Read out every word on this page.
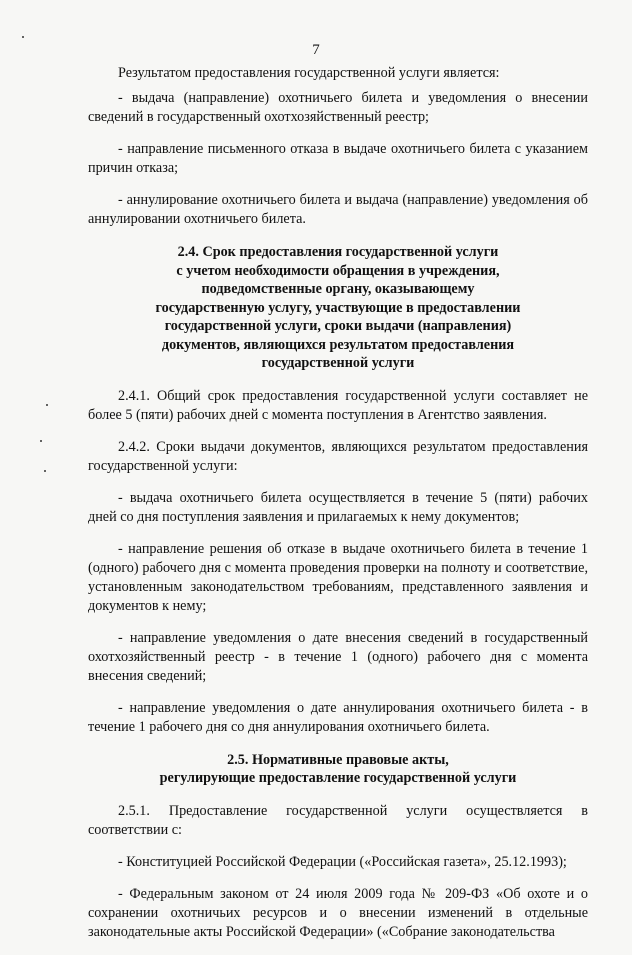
7

Результатом предоставления государственной услуги является:

- выдача (направление) охотничьего билета и уведомления о внесении сведений в государственный охотхозяйственный реестр;

- направление письменного отказа в выдаче охотничьего билета с указанием причин отказа;

- аннулирование охотничьего билета и выдача (направление) уведомления об аннулировании охотничьего билета.

2.4. Срок предоставления государственной услуги
с учетом необходимости обращения в учреждения,
подведомственные органу, оказывающему
государственную услугу, участвующие в предоставлении
государственной услуги, сроки выдачи (направления)
документов, являющихся результатом предоставления
государственной услуги

2.4.1. Общий срок предоставления государственной услуги составляет не более 5 (пяти) рабочих дней с момента поступления в Агентство заявления.

2.4.2. Сроки выдачи документов, являющихся результатом предоставления государственной услуги:

- выдача охотничьего билета осуществляется в течение 5 (пяти) рабочих дней со дня поступления заявления и прилагаемых к нему документов;

- направление решения об отказе в выдаче охотничьего билета в течение 1 (одного) рабочего дня с момента проведения проверки на полноту и соответствие, установленным законодательством требованиям, представленного заявления и документов к нему;

- направление уведомления о дате внесения сведений в государственный охотхозяйственный реестр - в течение 1 (одного) рабочего дня с момента внесения сведений;

- направление уведомления о дате аннулирования охотничьего билета - в течение 1 рабочего дня со дня аннулирования охотничьего билета.

2.5. Нормативные правовые акты,
регулирующие предоставление государственной услуги

2.5.1. Предоставление государственной услуги осуществляется в соответствии с:

- Конституцией Российской Федерации («Российская газета», 25.12.1993);

- Федеральным законом от 24 июля 2009 года № 209-ФЗ «Об охоте и о сохранении охотничьих ресурсов и о внесении изменений в отдельные законодательные акты Российской Федерации» («Собрание законодательства
